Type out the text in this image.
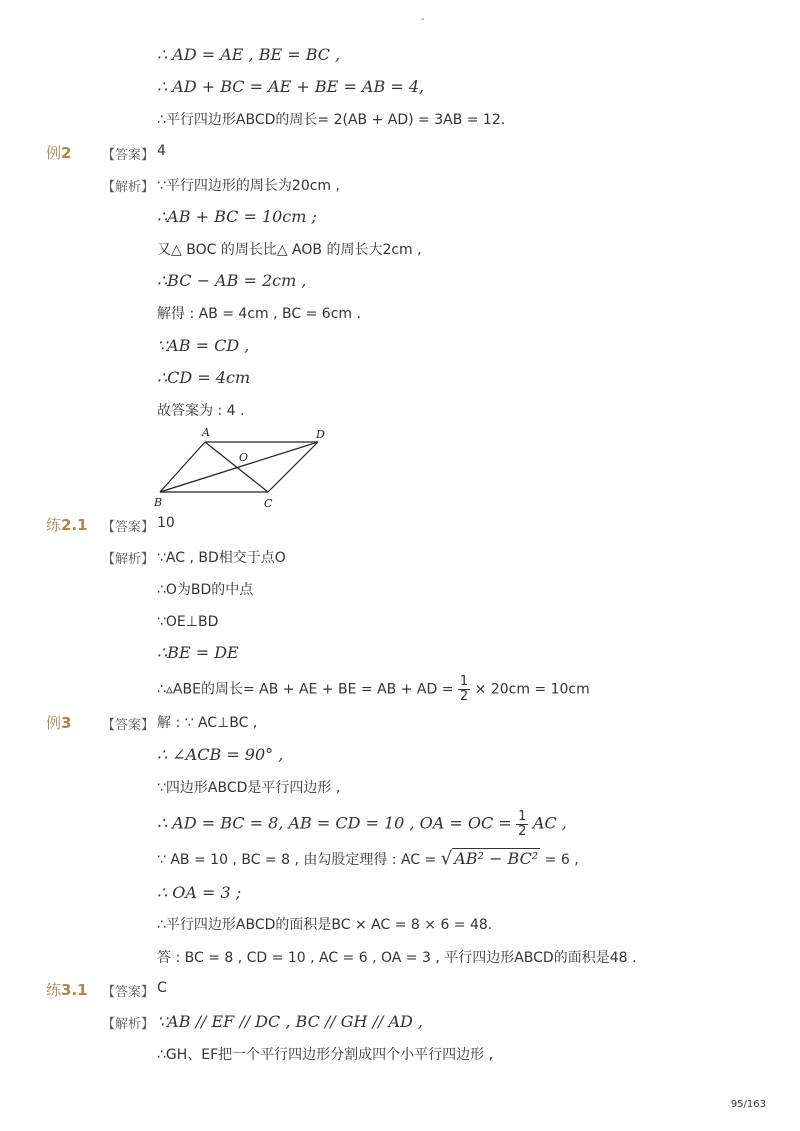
-
∴ AD = AE , BE = BC ,
∴ AD + BC = AE + BE = AB = 4,
∴平行四边形ABCD的周长= 2(AB + AD) = 3AB = 12.
例2 【答案】 4
【解析】 ∵平行四边形的周长为20cm ,
∴AB + BC = 10cm ;
又△ BOC 的周长比△ AOB 的周长大2cm ,
∴BC − AB = 2cm ,
解得 : AB = 4cm , BC = 6cm .
∵AB = CD ,
∴CD = 4cm
故答案为 : 4 .
A	D
O
B	C
练2.1 【答案】 10
【解析】 ∵AC , BD相交于点O
∴O为BD的中点
∵OE⊥BD
∴BE = DE
∴▵ABE的周长= AB + AE + BE = AB + AD = $\frac{1}{2} \times 20cm = 10cm$
例3 【答案】 解 : ∵ AC⊥BC ,
∴ ∠ACB = 90° ,
∵四边形ABCD是平行四边形 ,
∴ AD = BC = 8, AB = CD = 10 , OA = OC = $\frac{1}{2}$ AC ,
∵ AB = 10 , BC = 8 , 由勾股定理得 : AC = √ AB² − BC² = 6 ,
∴ OA = 3 ;
∴平行四边形ABCD的面积是BC × AC = 8 × 6 = 48.
答 : BC = 8 , CD = 10 , AC = 6 , OA = 3 , 平行四边形ABCD的面积是48 .
练3.1 【答案】 C
【解析】 ∵AB // EF // DC , BC // GH // AD ,
∴GH、EF把一个平行四边形分割成四个小平行四边形 ,
95/163
